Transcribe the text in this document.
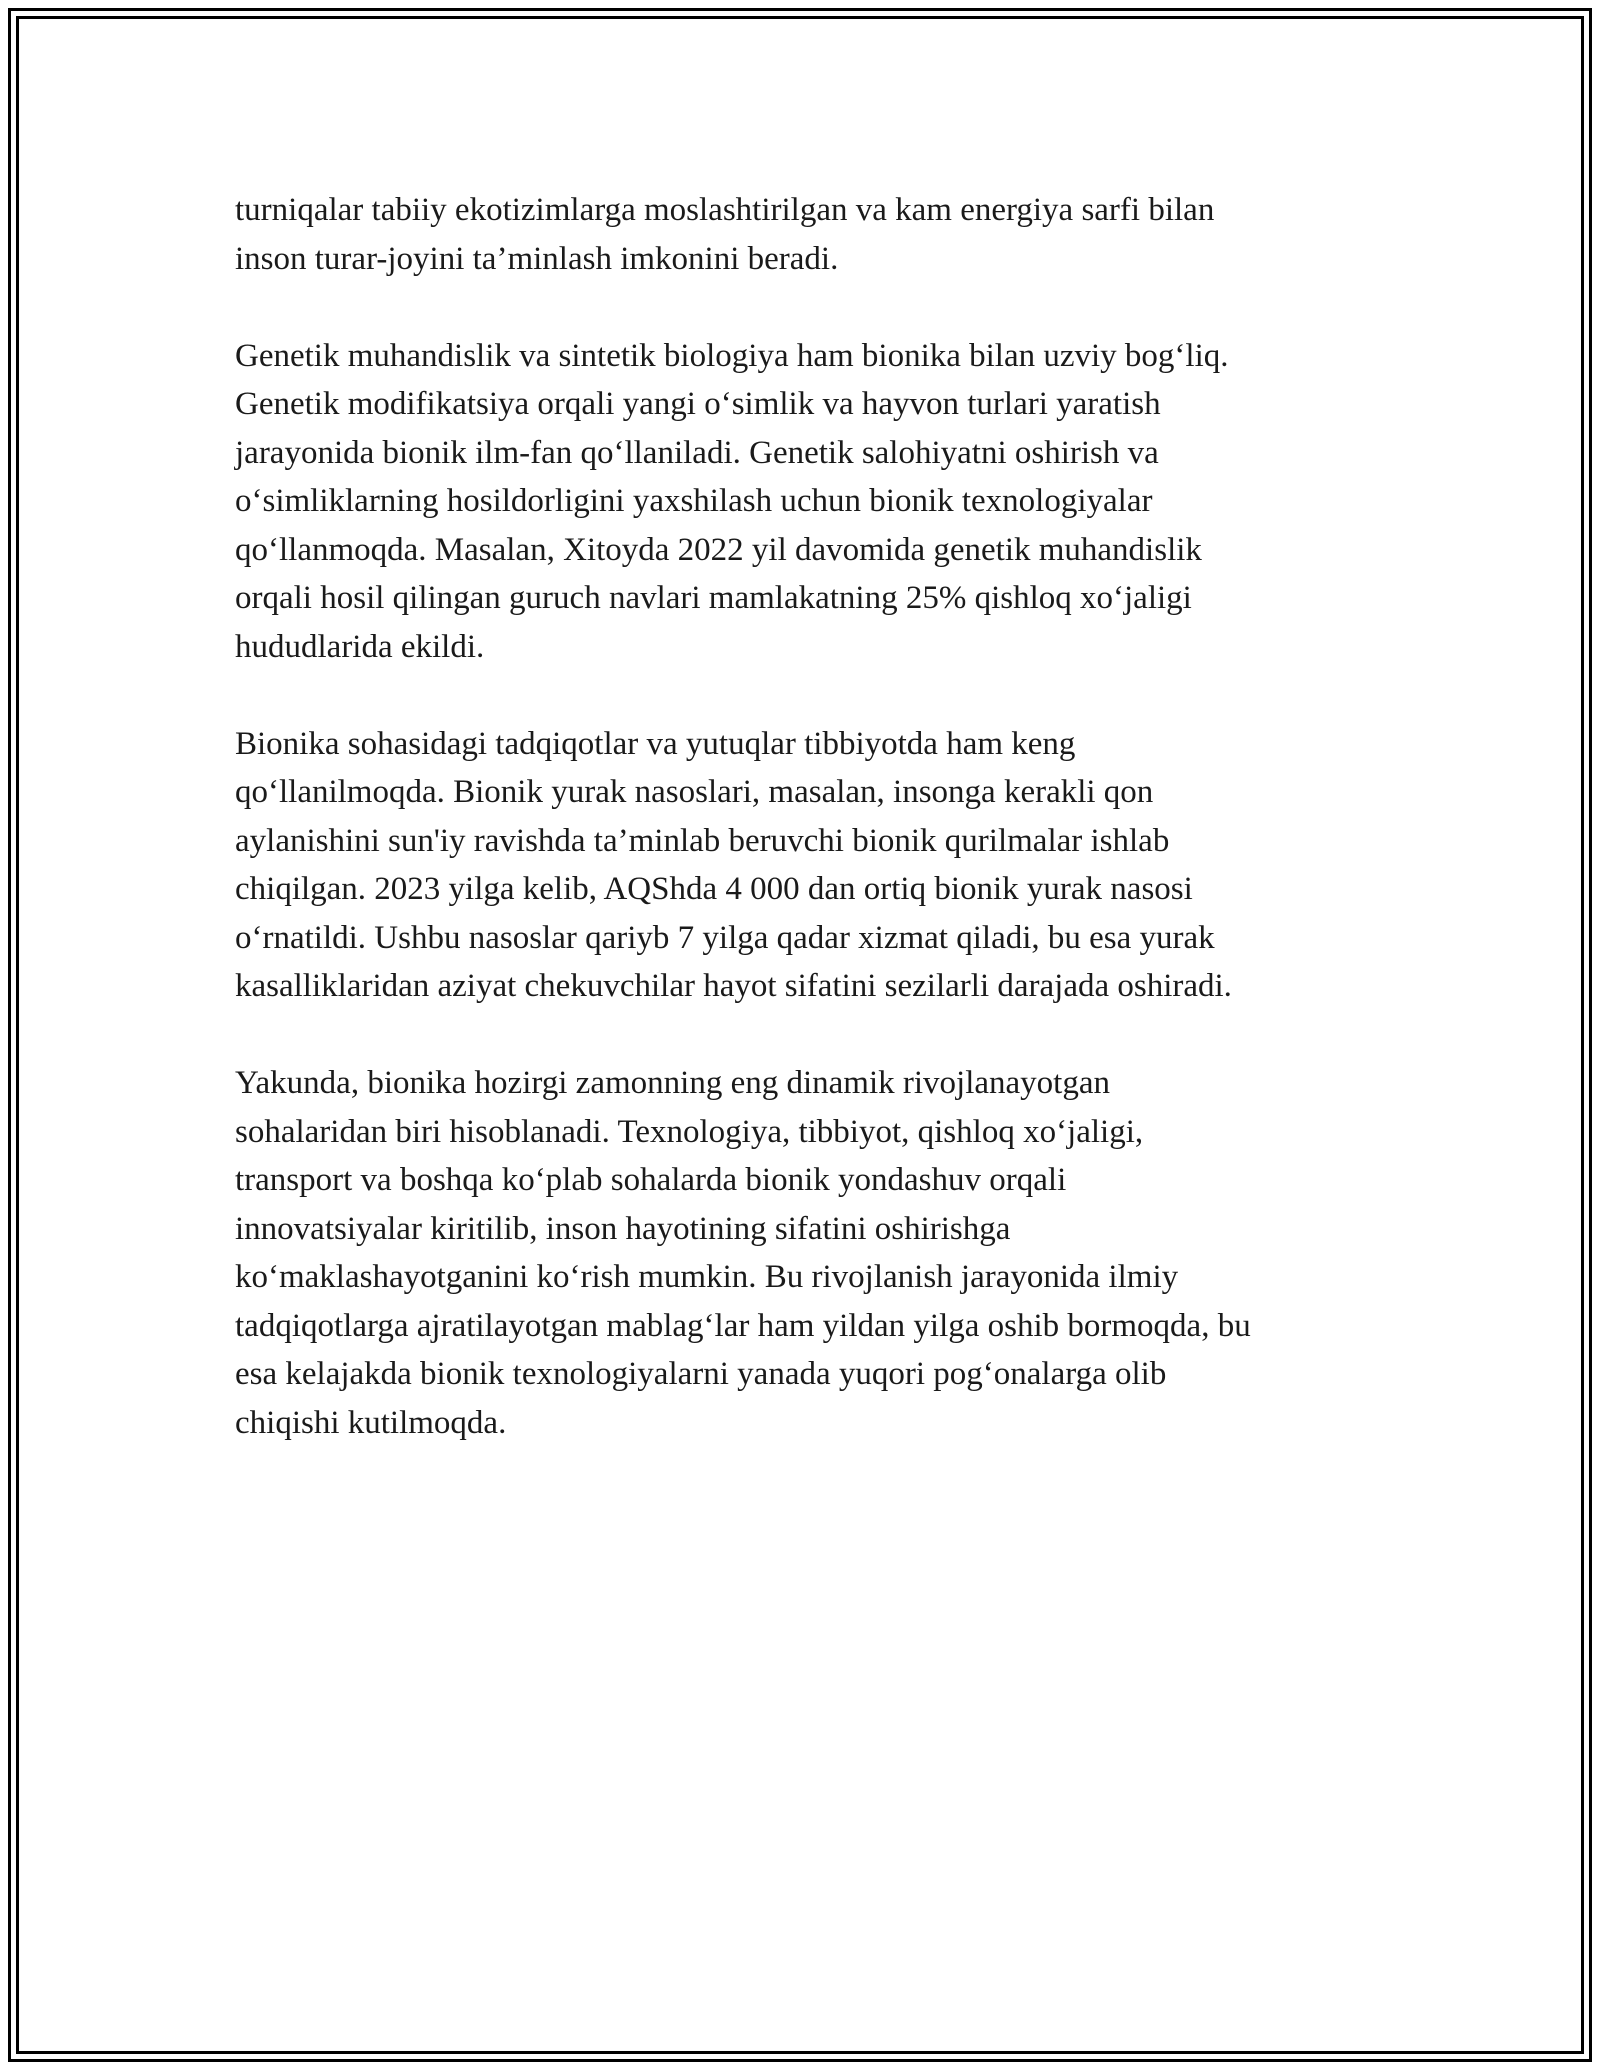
turniqalar tabiiy ekotizimlarga moslashtirilgan va kam energiya sarfi bilan
inson turar-joyini ta’minlash imkonini beradi.

Genetik muhandislik va sintetik biologiya ham bionika bilan uzviy bog‘liq.
Genetik modifikatsiya orqali yangi o‘simlik va hayvon turlari yaratish
jarayonida bionik ilm-fan qo‘llaniladi. Genetik salohiyatni oshirish va
o‘simliklarning hosildorligini yaxshilash uchun bionik texnologiyalar
qo‘llanmoqda. Masalan, Xitoyda 2022 yil davomida genetik muhandislik
orqali hosil qilingan guruch navlari mamlakatning 25% qishloq xo‘jaligi
hududlarida ekildi.

Bionika sohasidagi tadqiqotlar va yutuqlar tibbiyotda ham keng
qo‘llanilmoqda. Bionik yurak nasoslari, masalan, insonga kerakli qon
aylanishini sun'iy ravishda ta’minlab beruvchi bionik qurilmalar ishlab
chiqilgan. 2023 yilga kelib, AQShda 4 000 dan ortiq bionik yurak nasosi
o‘rnatildi. Ushbu nasoslar qariyb 7 yilga qadar xizmat qiladi, bu esa yurak
kasalliklaridan aziyat chekuvchilar hayot sifatini sezilarli darajada oshiradi.

Yakunda, bionika hozirgi zamonning eng dinamik rivojlanayotgan
sohalaridan biri hisoblanadi. Texnologiya, tibbiyot, qishloq xo‘jaligi,
transport va boshqa ko‘plab sohalarda bionik yondashuv orqali
innovatsiyalar kiritilib, inson hayotining sifatini oshirishga
ko‘maklashayotganini ko‘rish mumkin. Bu rivojlanish jarayonida ilmiy
tadqiqotlarga ajratilayotgan mablag‘lar ham yildan yilga oshib bormoqda, bu
esa kelajakda bionik texnologiyalarni yanada yuqori pog‘onalarga olib
chiqishi kutilmoqda.
